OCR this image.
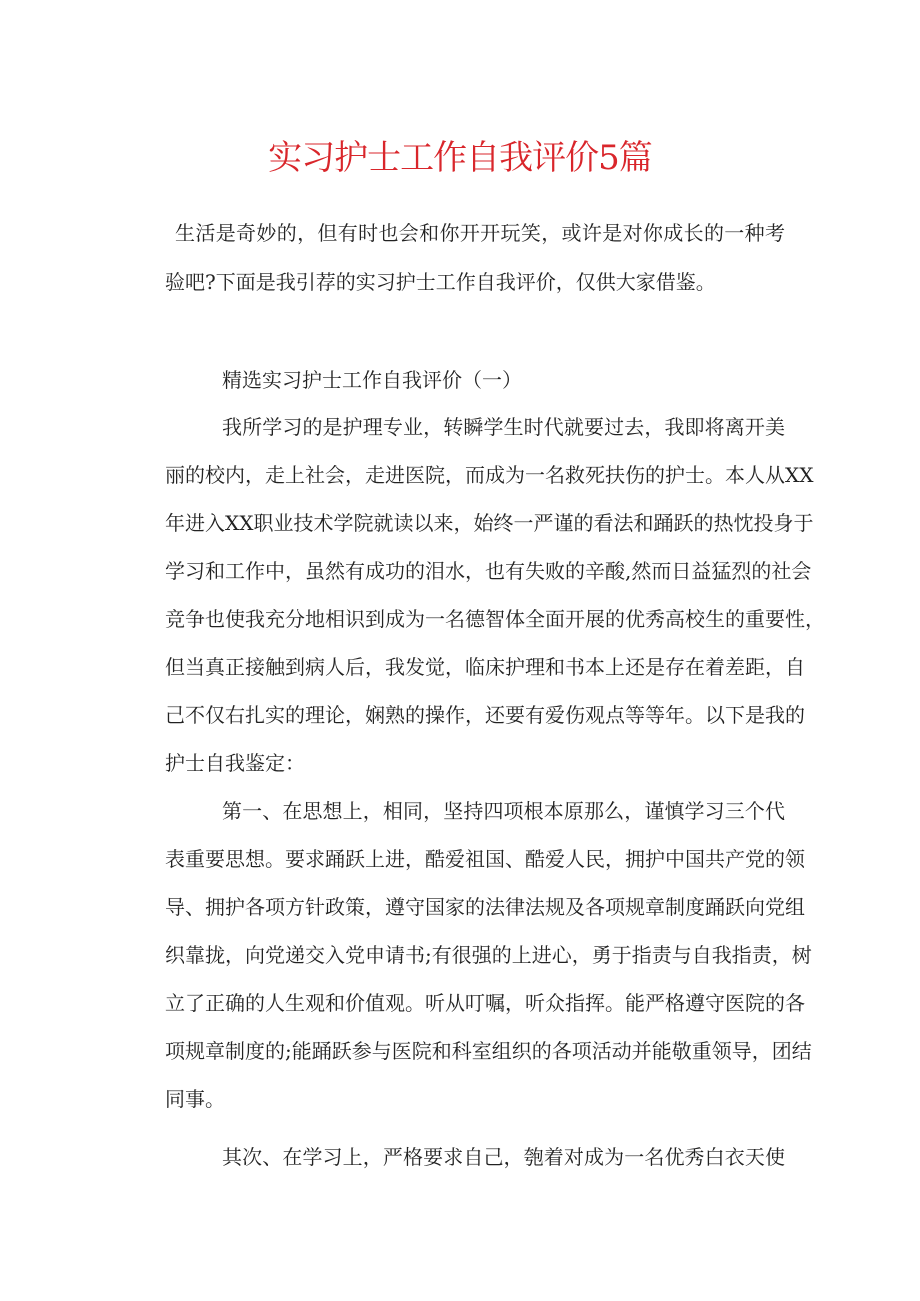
实习护士工作自我评价5篇
生活是奇妙的，但有时也会和你开开玩笑，或许是对你成长的一种考
验吧?下面是我引荐的实习护士工作自我评价，仅供大家借鉴。
精选实习护士工作自我评价（一）
我所学习的是护理专业，转瞬学生时代就要过去，我即将离开美
丽的校内，走上社会，走进医院，而成为一名救死扶伤的护士。本人从XX
年进入XX职业技术学院就读以来，始终一严谨的看法和踊跃的热忱投身于
学习和工作中，虽然有成功的泪水，也有失败的辛酸,然而日益猛烈的社会
竞争也使我充分地相识到成为一名德智体全面开展的优秀高校生的重要性，
但当真正接触到病人后，我发觉，临床护理和书本上还是存在着差距，自
己不仅右扎实的理论，娴熟的操作，还要有爱伤观点等等年。以下是我的
护士自我鉴定：
第一、在思想上，相同，坚持四项根本原那么，谨慎学习三个代
表重要思想。要求踊跃上进，酷爱祖国、酷爱人民，拥护中国共产党的领
导、拥护各项方针政策，遵守国家的法律法规及各项规章制度踊跃向党组
织靠拢，向党递交入党申请书;有很强的上进心，勇于指责与自我指责，树
立了正确的人生观和价值观。听从叮嘱，听众指挥。能严格遵守医院的各
项规章制度的;能踊跃参与医院和科室组织的各项活动并能敬重领导，团结
同事。
其次、在学习上，严格要求自己，匏着对成为一名优秀白衣天使
